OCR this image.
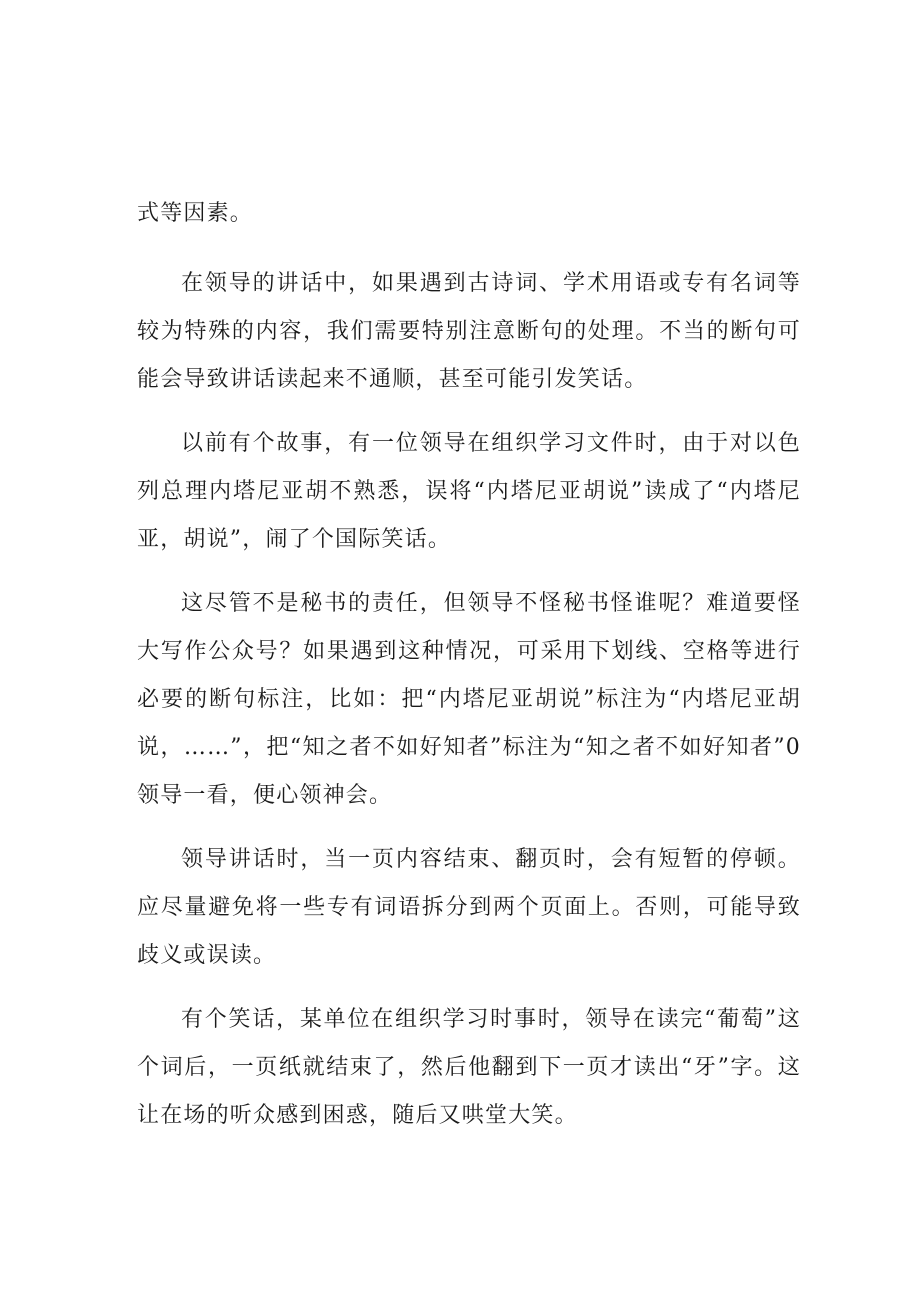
式等因素。

在领导的讲话中，如果遇到古诗词、学术用语或专有名词等较为特殊的内容，我们需要特别注意断句的处理。不当的断句可能会导致讲话读起来不通顺，甚至可能引发笑话。

以前有个故事，有一位领导在组织学习文件时，由于对以色列总理内塔尼亚胡不熟悉，误将“内塔尼亚胡说”读成了“内塔尼亚，胡说”，闹了个国际笑话。

这尽管不是秘书的责任，但领导不怪秘书怪谁呢？难道要怪大写作公众号？如果遇到这种情况，可采用下划线、空格等进行必要的断句标注，比如：把“内塔尼亚胡说”标注为“内塔尼亚胡说，……”，把“知之者不如好知者”标注为“知之者不如好知者”0领导一看，便心领神会。

领导讲话时，当一页内容结束、翻页时，会有短暂的停顿。应尽量避免将一些专有词语拆分到两个页面上。否则，可能导致歧义或误读。

有个笑话，某单位在组织学习时事时，领导在读完“葡萄”这个词后，一页纸就结束了，然后他翻到下一页才读出“牙”字。这让在场的听众感到困惑，随后又哄堂大笑。
